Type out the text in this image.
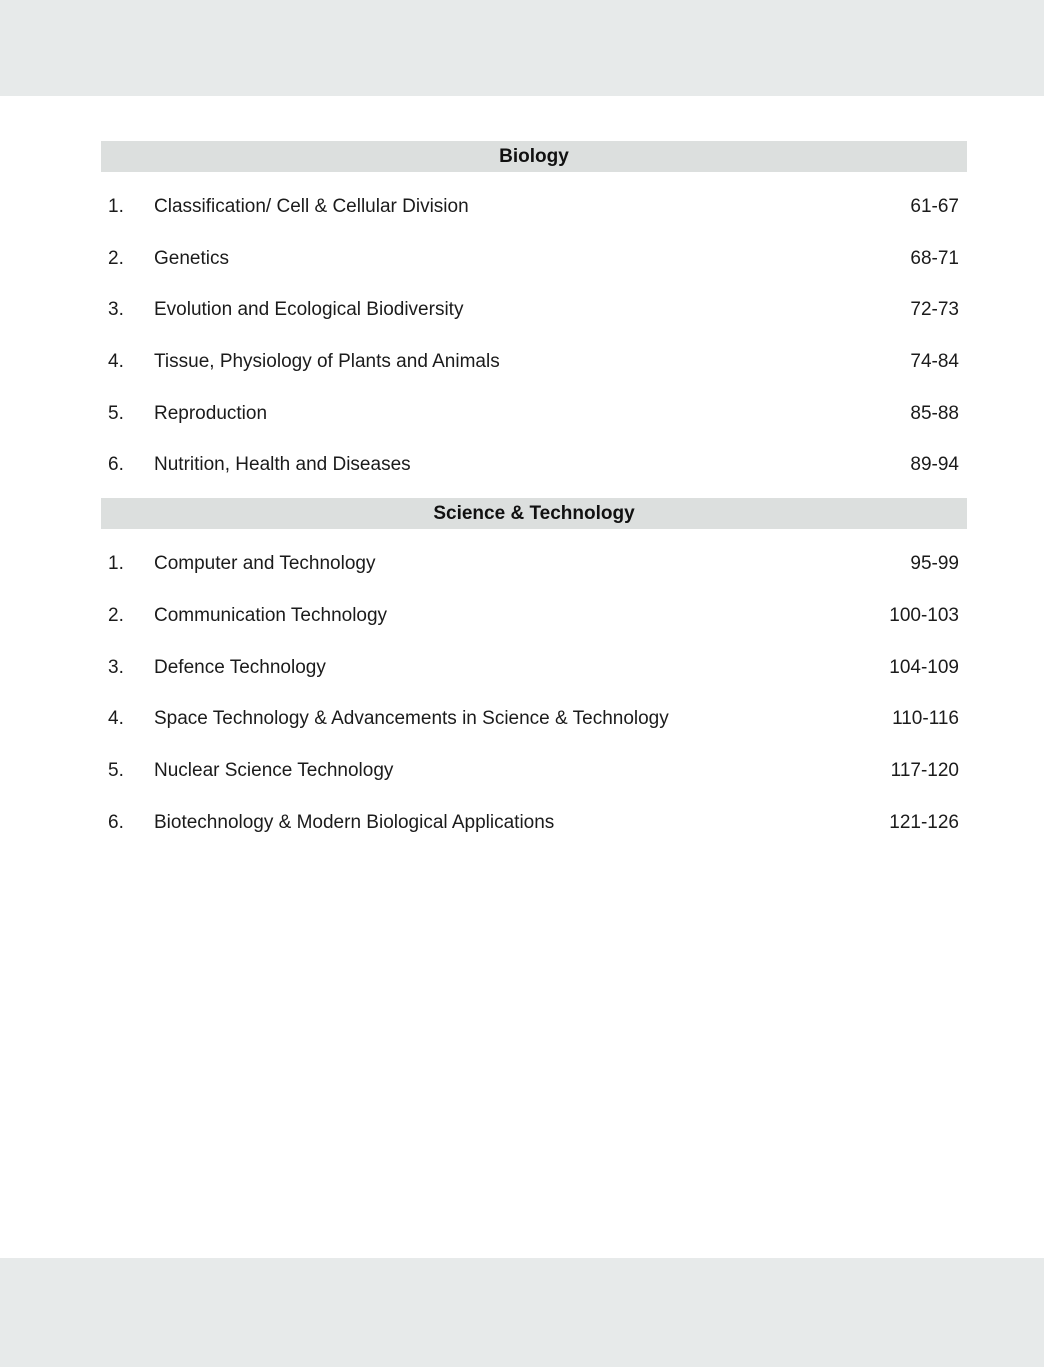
Biology
1. Classification/ Cell & Cellular Division	61-67
2. Genetics	68-71
3. Evolution and Ecological Biodiversity	72-73
4. Tissue, Physiology of Plants and Animals	74-84
5. Reproduction	85-88
6. Nutrition, Health and Diseases	89-94
Science & Technology
1. Computer and Technology	95-99
2. Communication Technology	100-103
3. Defence Technology	104-109
4. Space Technology & Advancements in Science & Technology	110-116
5. Nuclear Science Technology	117-120
6. Biotechnology & Modern Biological Applications	121-126
